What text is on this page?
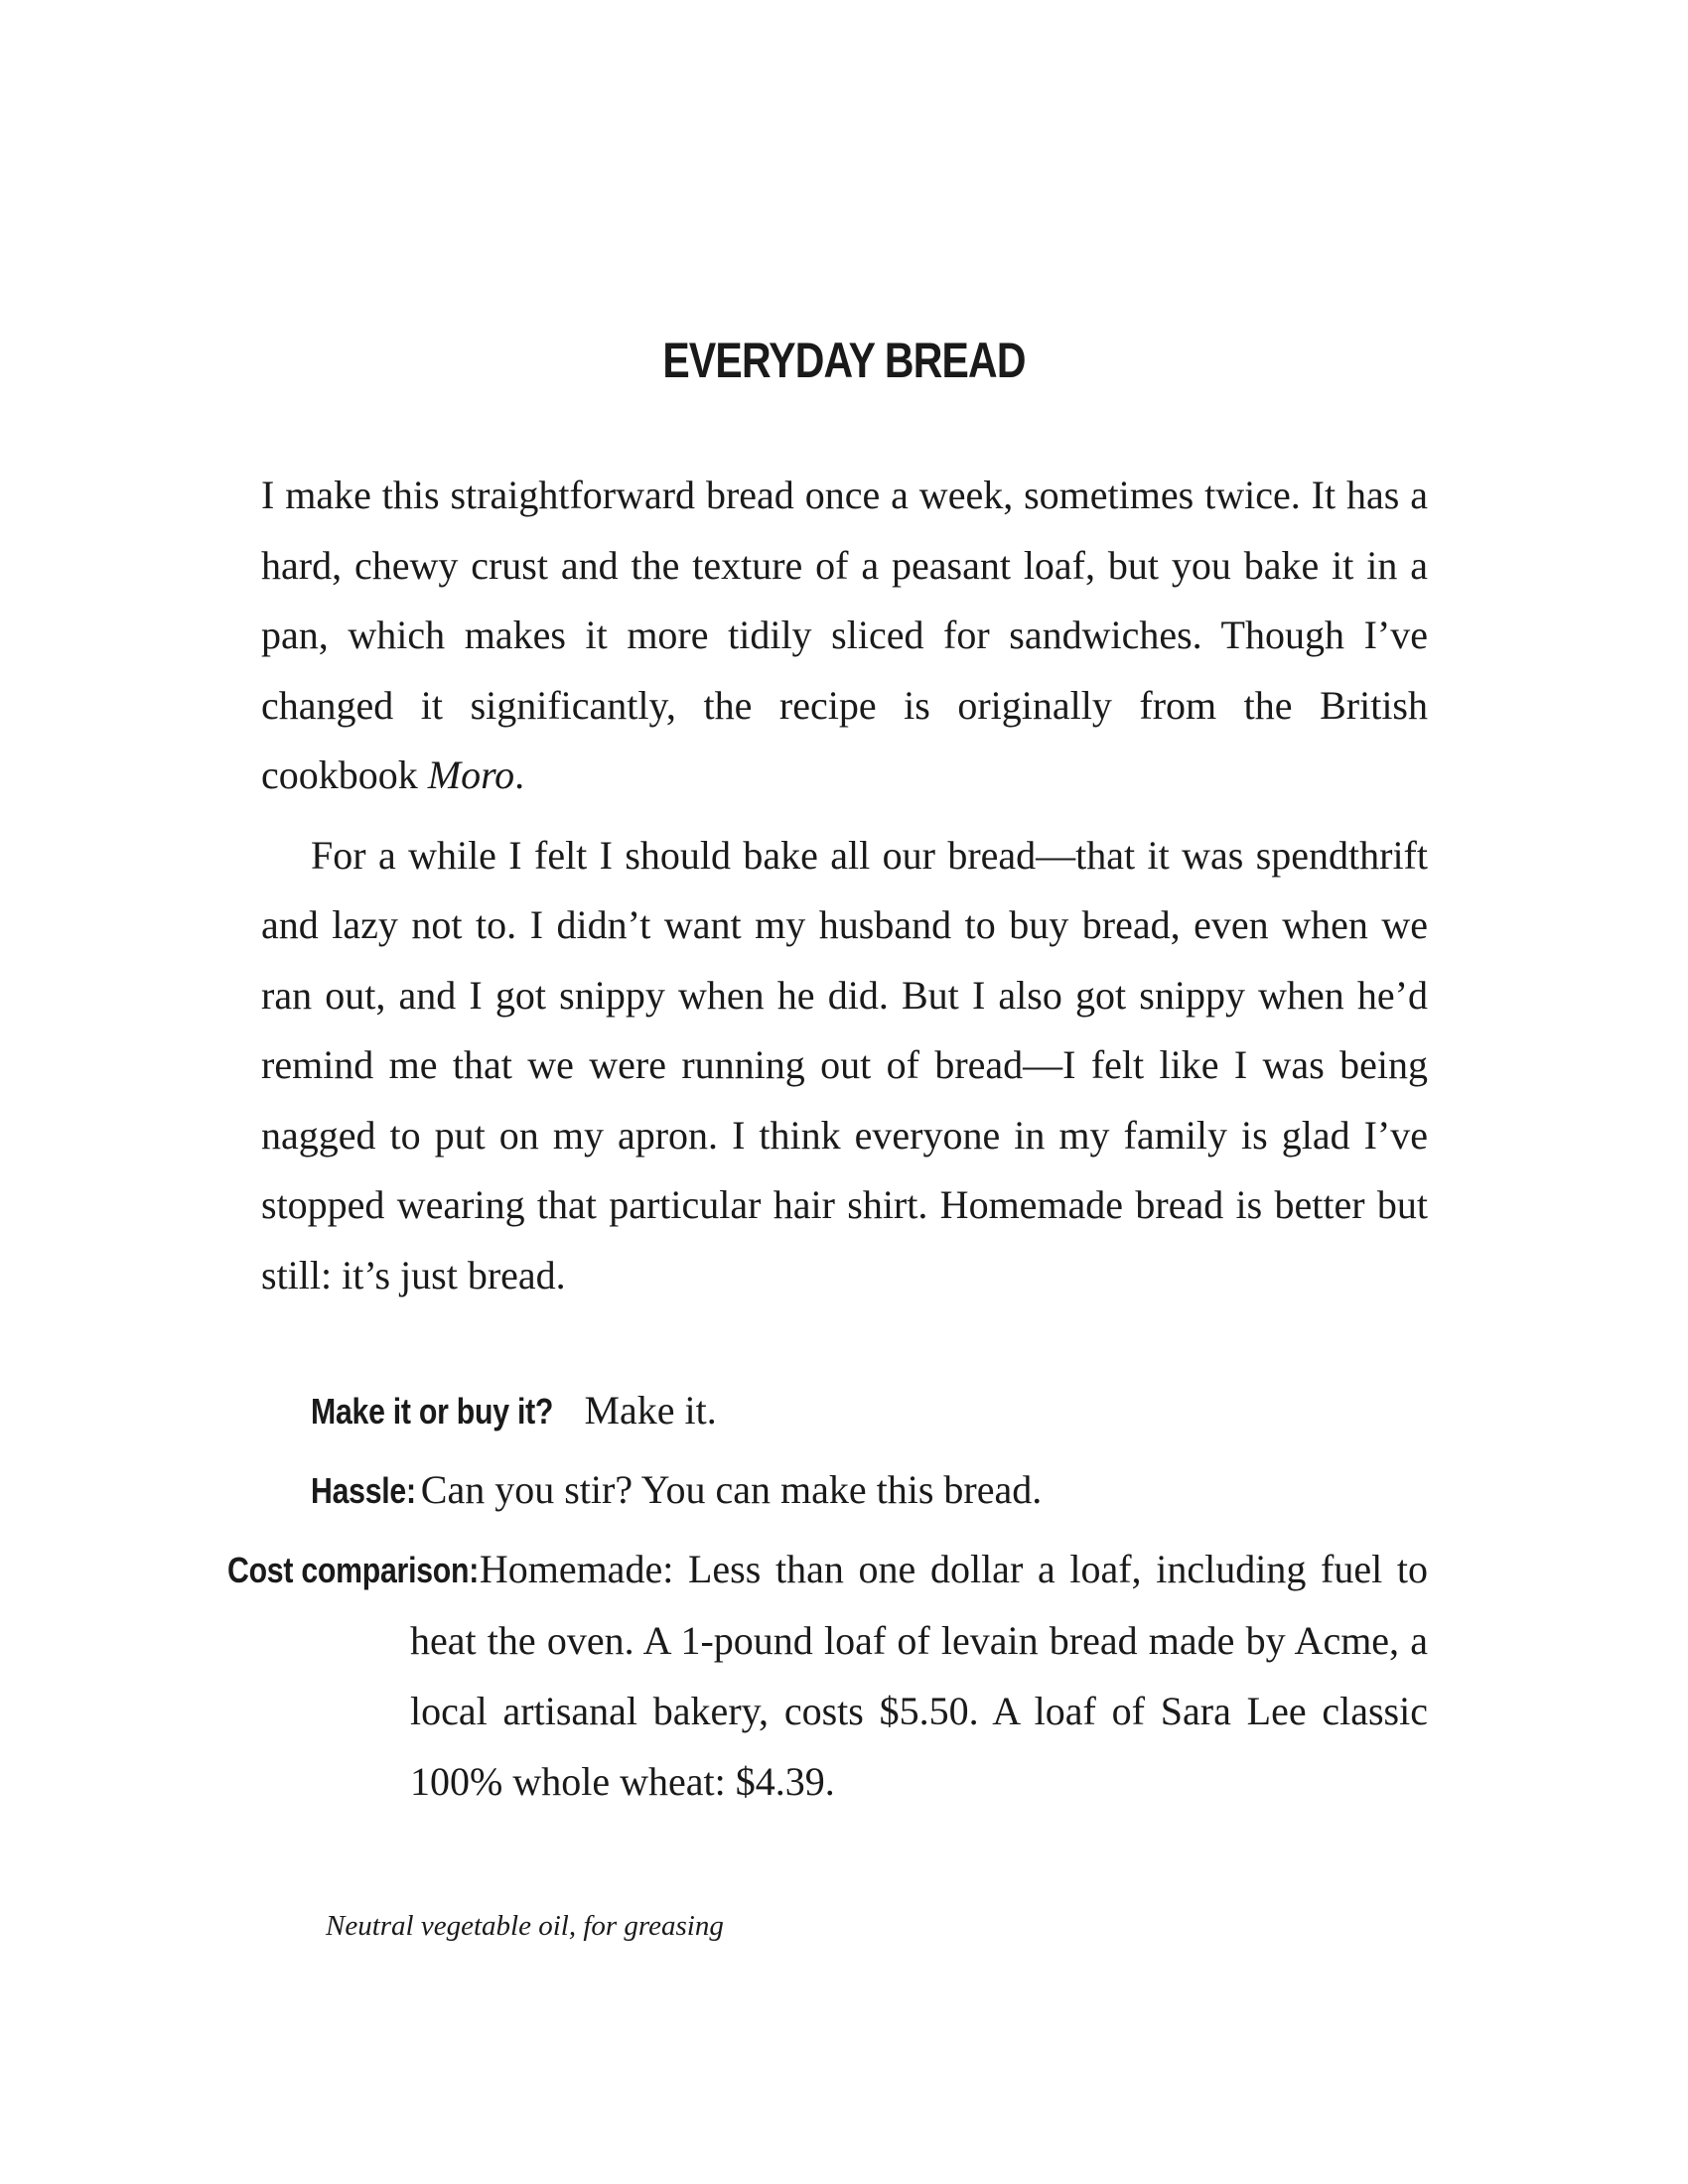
EVERYDAY BREAD

I make this straightforward bread once a week, sometimes twice. It has a hard, chewy crust and the texture of a peasant loaf, but you bake it in a pan, which makes it more tidily sliced for sandwiches. Though I’ve changed it significantly, the recipe is originally from the British cookbook Moro.

For a while I felt I should bake all our bread—that it was spendthrift and lazy not to. I didn’t want my husband to buy bread, even when we ran out, and I got snippy when he did. But I also got snippy when he’d remind me that we were running out of bread—I felt like I was being nagged to put on my apron. I think everyone in my family is glad I’ve stopped wearing that particular hair shirt. Homemade bread is better but still: it’s just bread.

Make it or buy it? Make it.

Hassle: Can you stir? You can make this bread.

Cost comparison: Homemade: Less than one dollar a loaf, including fuel to heat the oven. A 1-pound loaf of levain bread made by Acme, a local artisanal bakery, costs $5.50. A loaf of Sara Lee classic 100% whole wheat: $4.39.

Neutral vegetable oil, for greasing
